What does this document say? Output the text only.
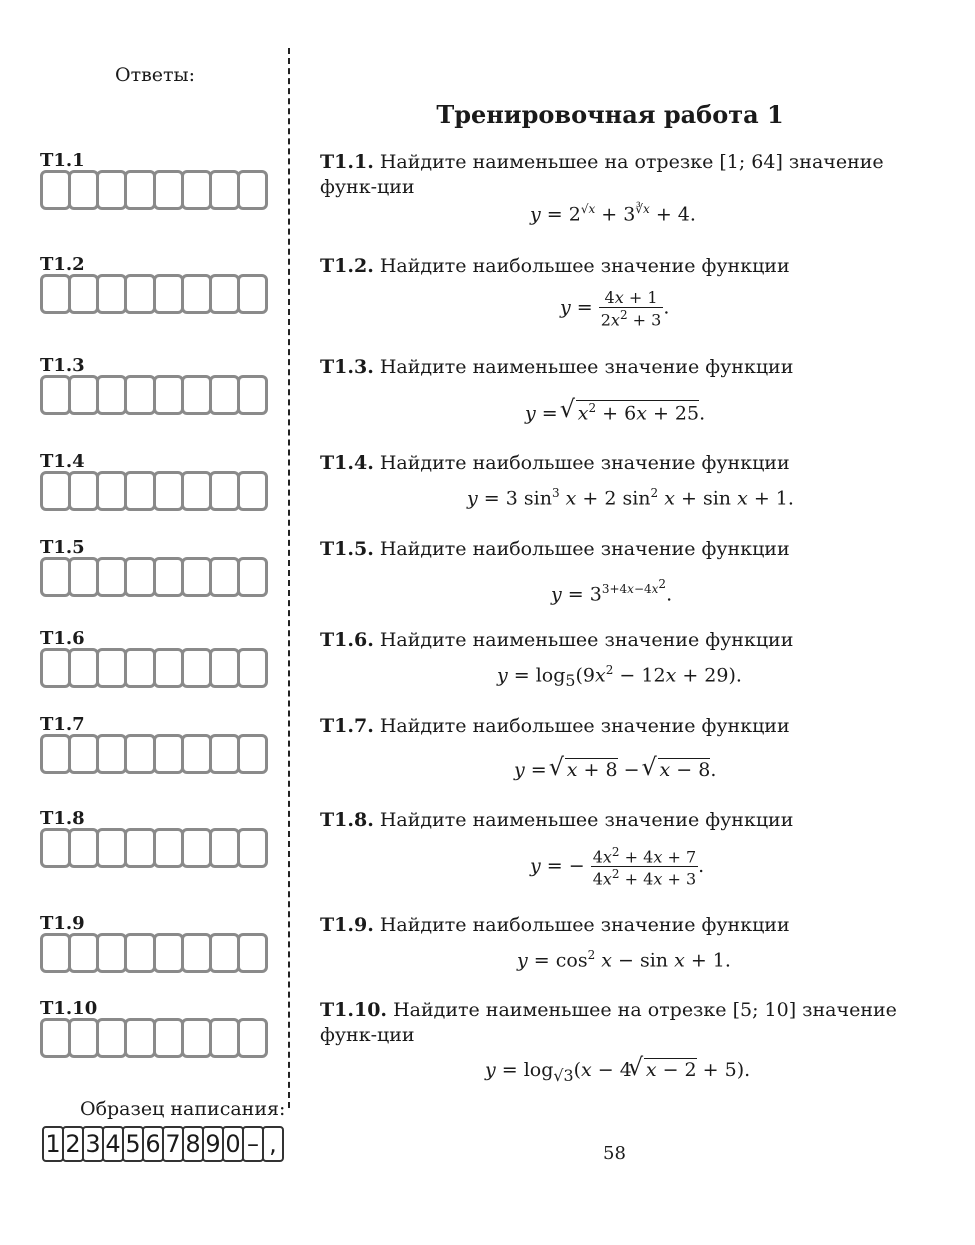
Ответы:
Тренировочная работа 1
T1.1	T1.1. Найдите наименьшее на отрезке [1; 64] значение функ-ции
$y = 2^{√x} + 3^{∛x} + 4$.
T1.2	T1.2. Найдите наибольшее значение функции
$y = \frac{4x + 1}{2x^2 + 3}$ .
T1.3	T1.3. Найдите наименьшее значение функции
y = √ $x^2 + 6x + 25$.
T1.4	T1.4. Найдите наибольшее значение функции
y = 3 $\sin^3 x + 2$ $\sin^2 x + \sin x + 1$.
T1.5	T1.5. Найдите наибольшее значение функции
$y = 3^{3+4x-4x^2}$.
T1.6	T1.6. Найдите наименьшее значение функции
$y = \log_5(9x^2 - 12x + 29)$.
T1.7	T1.7. Найдите наибольшее значение функции
y = √ x + 8 − √ x − 8.
T1.8	T1.8. Найдите наименьшее значение функции
y = − $\frac{4x^2 + 4x + 7}{4x^2 + 4x + 3}$ .
T1.9	T1.9. Найдите наибольшее значение функции
$y = \cos^2 x - \sin x + 1$.
T1.10	T1.10. Найдите наименьшее на отрезке [5; 10] значение функ-ции
$y = \log_{√3}(x - 4√$ x − 2 + 5).
Образец написания:
1 2 3 4 5 6 7 8 9 0 – ,	58
